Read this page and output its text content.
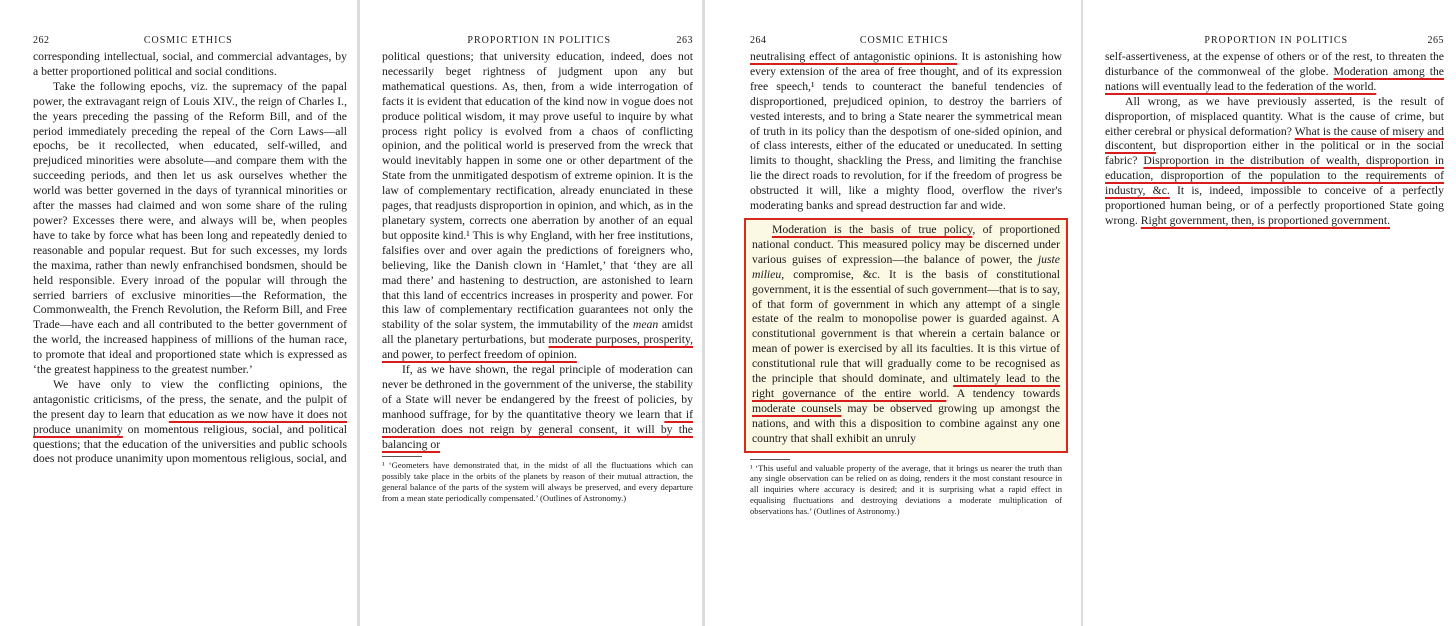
262	COSMIC ETHICS

corresponding intellectual, social, and commercial advantages, by a better proportioned political and social conditions.

Take the following epochs, viz. the supremacy of the papal power, the extravagant reign of Louis XIV., the reign of Charles I., the years preceding the passing of the Reform Bill, and of the period immediately preceding the repeal of the Corn Laws—all epochs, be it recollected, when educated, self-willed, and prejudiced minorities were absolute—and compare them with the succeeding periods, and then let us ask ourselves whether the world was better governed in the days of tyrannical minorities or after the masses had claimed and won some share of the ruling power? Excesses there were, and always will be, when peoples have to take by force what has been long and repeatedly denied to reasonable and popular request. But for such excesses, my lords the maxima, rather than newly enfranchised bondsmen, should be held responsible. Every inroad of the popular will through the serried barriers of exclusive minorities—the Reformation, the Commonwealth, the French Revolution, the Reform Bill, and Free Trade—have each and all contributed to the better government of the world, the increased happiness of millions of the human race, to promote that ideal and proportioned state which is expressed as ‘the greatest happiness to the greatest number.’

We have only to view the conflicting opinions, the antagonistic criticisms, of the press, the senate, and the pulpit of the present day to learn that education as we now have it does not produce unanimity on momentous religious, social, and political questions; that the education of the universities and public schools does not produce unanimity upon momentous religious, social, and

PROPORTION IN POLITICS	263

political questions; that university education, indeed, does not necessarily beget rightness of judgment upon any but mathematical questions. As, then, from a wide interrogation of facts it is evident that education of the kind now in vogue does not produce political wisdom, it may prove useful to inquire by what process right policy is evolved from a chaos of conflicting opinion, and the political world is preserved from the wreck that would inevitably happen in some one or other department of the State from the unmitigated despotism of extreme opinion. It is the law of complementary rectification, already enunciated in these pages, that readjusts disproportion in opinion, and which, as in the planetary system, corrects one aberration by another of an equal but opposite kind.¹ This is why England, with her free institutions, falsifies over and over again the predictions of foreigners who, believing, like the Danish clown in ‘Hamlet,’ that ‘they are all mad there’ and hastening to destruction, are astonished to learn that this land of eccentrics increases in prosperity and power. For this law of complementary rectification guarantees not only the stability of the solar system, the immutability of the mean amidst all the planetary perturbations, but moderate purposes, prosperity, and power, to perfect freedom of opinion.

If, as we have shown, the regal principle of moderation can never be dethroned in the government of the universe, the stability of a State will never be endangered by the freest of policies, by manhood suffrage, for by the quantitative theory we learn that if moderation does not reign by general consent, it will by the balancing or

¹ ‘Geometers have demonstrated that, in the midst of all the fluctuations which can possibly take place in the orbits of the planets by reason of their mutual attraction, the general balance of the parts of the system will always be preserved, and every departure from a mean state periodically compensated.’ (Outlines of Astronomy.)
264	COSMIC ETHICS

neutralising effect of antagonistic opinions. It is astonishing how every extension of the area of free thought, and of its expression free speech,¹ tends to counteract the baneful tendencies of disproportioned, prejudiced opinion, to destroy the barriers of vested interests, and to bring a State nearer the symmetrical mean of truth in its policy than the despotism of one-sided opinion, and of class interests, either of the educated or uneducated. In setting limits to thought, shackling the Press, and limiting the franchise lie the direct roads to revolution, for if the freedom of progress be obstructed it will, like a mighty flood, overflow the river's moderating banks and spread destruction far and wide.

Moderation is the basis of true policy, of proportioned national conduct. This measured policy may be discerned under various guises of expression—the balance of power, the juste milieu, compromise, &c. It is the basis of constitutional government, it is the essential of such government—that is to say, of that form of government in which any attempt of a single estate of the realm to monopolise power is guarded against. A constitutional government is that wherein a certain balance or mean of power is exercised by all its faculties. It is this virtue of constitutional rule that will gradually come to be recognised as the principle that should dominate, and ultimately lead to the right governance of the entire world. A tendency towards moderate counsels may be observed growing up amongst the nations, and with this a disposition to combine against any one country that shall exhibit an unruly

¹ ‘This useful and valuable property of the average, that it brings us nearer the truth than any single observation can be relied on as doing, renders it the most constant resource in all inquiries where accuracy is desired; and it is surprising what a rapid effect in equalising fluctuations and destroying deviations a moderate multiplication of observations has.’ (Outlines of Astronomy.)
PROPORTION IN POLITICS	265

self-assertiveness, at the expense of others or of the rest, to threaten the disturbance of the commonweal of the globe. Moderation among the nations will eventually lead to the federation of the world.

All wrong, as we have previously asserted, is the result of disproportion, of misplaced quantity. What is the cause of crime, but either cerebral or physical deformation? What is the cause of misery and discontent, but disproportion either in the political or in the social fabric? Disproportion in the distribution of wealth, disproportion in education, disproportion of the population to the requirements of industry, &c. It is, indeed, impossible to conceive of a perfectly proportioned human being, or of a perfectly proportioned State going wrong. Right government, then, is proportioned government.
